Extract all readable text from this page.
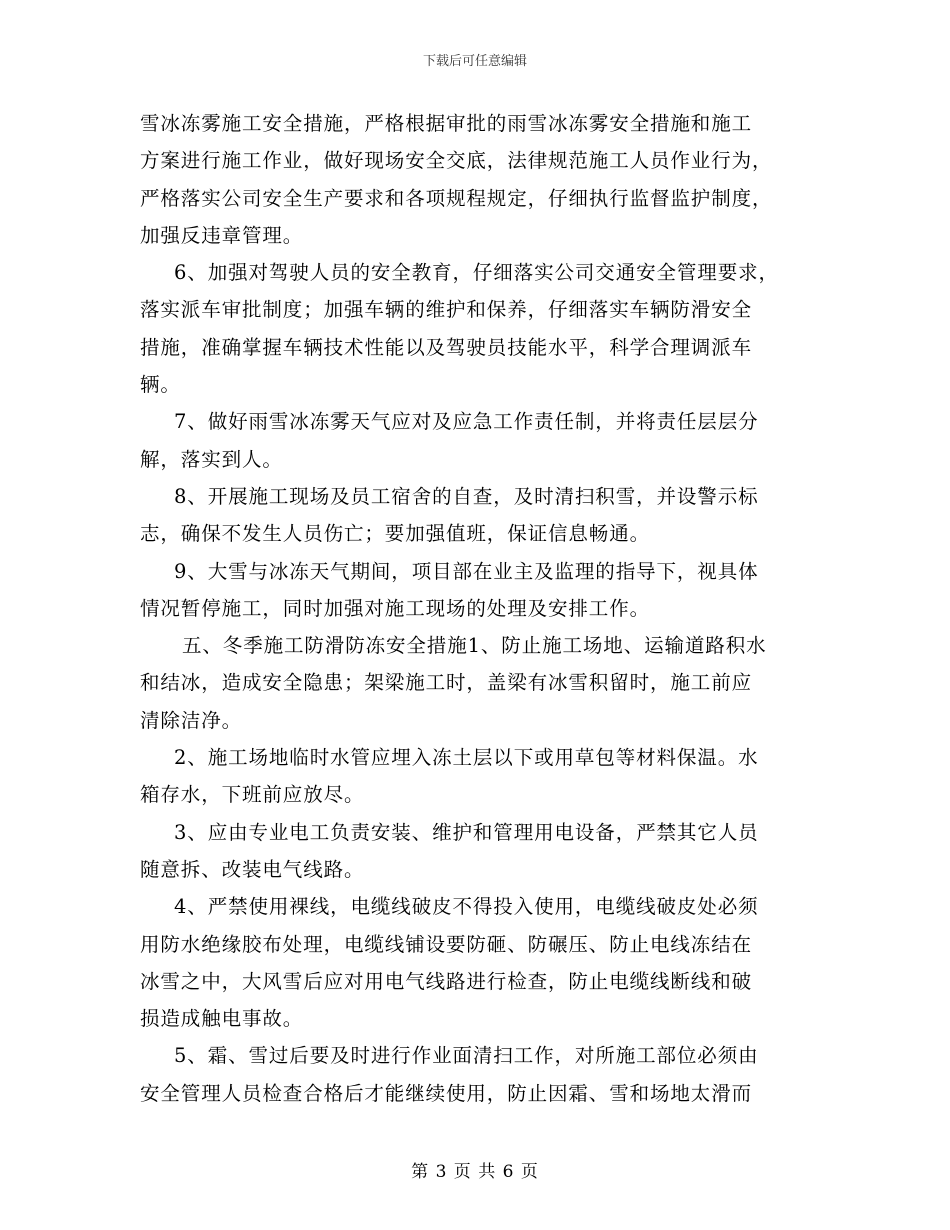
下载后可任意编辑
雪冰冻雾施工安全措施，严格根据审批的雨雪冰冻雾安全措施和施工
方案进行施工作业，做好现场安全交底，法律规范施工人员作业行为，
严格落实公司安全生产要求和各项规程规定，仔细执行监督监护制度，
加强反违章管理。
6、加强对驾驶人员的安全教育，仔细落实公司交通安全管理要求，
落实派车审批制度；加强车辆的维护和保养，仔细落实车辆防滑安全
措施，准确掌握车辆技术性能以及驾驶员技能水平，科学合理调派车
辆。
7、做好雨雪冰冻雾天气应对及应急工作责任制，并将责任层层分
解，落实到人。
8、开展施工现场及员工宿舍的自查，及时清扫积雪，并设警示标
志，确保不发生人员伤亡；要加强值班，保证信息畅通。
9、大雪与冰冻天气期间，项目部在业主及监理的指导下，视具体
情况暂停施工，同时加强对施工现场的处理及安排工作。
五、冬季施工防滑防冻安全措施1、防止施工场地、运输道路积水
和结冰，造成安全隐患；架梁施工时，盖梁有冰雪积留时，施工前应
清除洁净。
2、施工场地临时水管应埋入冻土层以下或用草包等材料保温。水
箱存水，下班前应放尽。
3、应由专业电工负责安装、维护和管理用电设备，严禁其它人员
随意拆、改装电气线路。
4、严禁使用裸线，电缆线破皮不得投入使用，电缆线破皮处必须
用防水绝缘胶布处理，电缆线铺设要防砸、防碾压、防止电线冻结在
冰雪之中，大风雪后应对用电气线路进行检查，防止电缆线断线和破
损造成触电事故。
5、霜、雪过后要及时进行作业面清扫工作，对所施工部位必须由
安全管理人员检查合格后才能继续使用，防止因霜、雪和场地太滑而
第 3 页 共 6 页
